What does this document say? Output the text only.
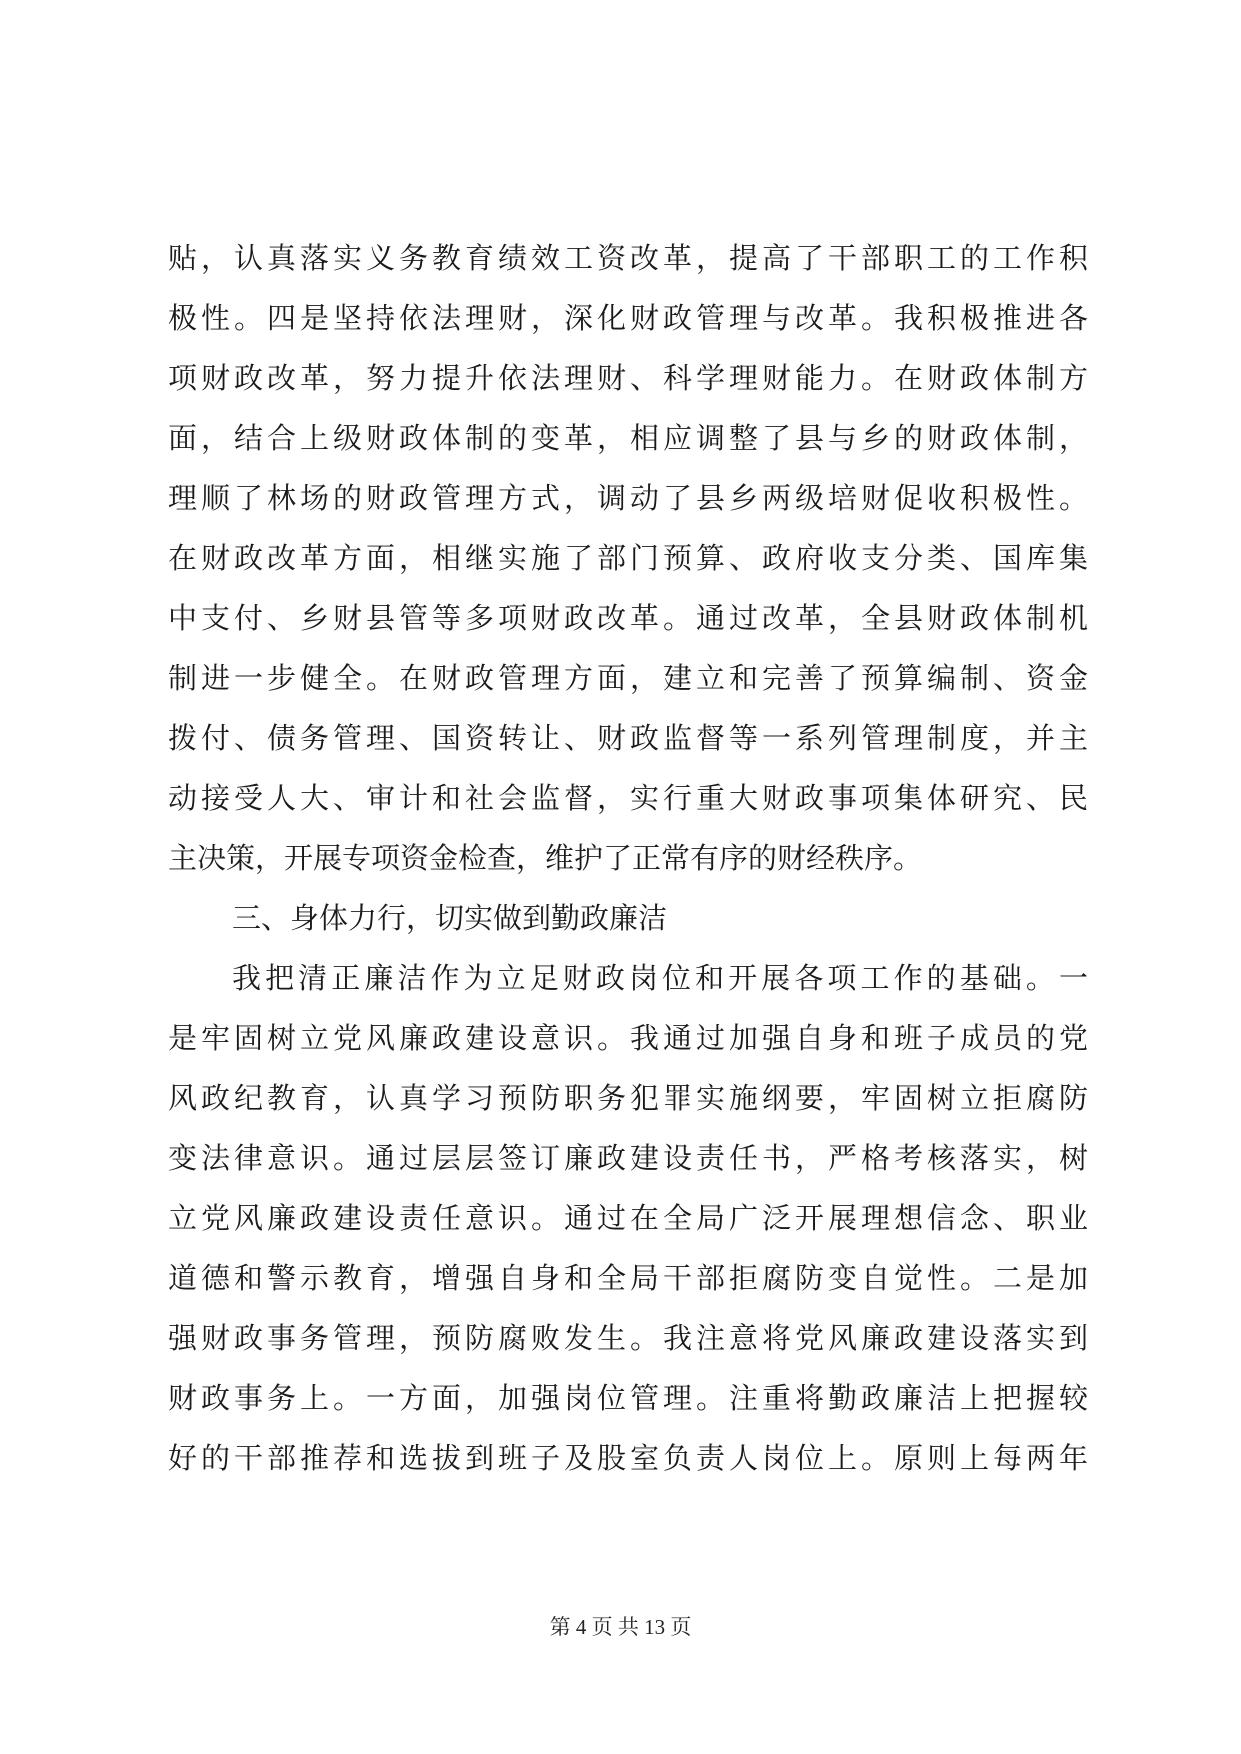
贴，认真落实义务教育绩效工资改革，提高了干部职工的工作积
极性。四是坚持依法理财，深化财政管理与改革。我积极推进各
项财政改革，努力提升依法理财、科学理财能力。在财政体制方
面，结合上级财政体制的变革，相应调整了县与乡的财政体制，
理顺了林场的财政管理方式，调动了县乡两级培财促收积极性。
在财政改革方面，相继实施了部门预算、政府收支分类、国库集
中支付、乡财县管等多项财政改革。通过改革，全县财政体制机
制进一步健全。在财政管理方面，建立和完善了预算编制、资金
拨付、债务管理、国资转让、财政监督等一系列管理制度，并主
动接受人大、审计和社会监督，实行重大财政事项集体研究、民
主决策，开展专项资金检查，维护了正常有序的财经秩序。
三、身体力行，切实做到勤政廉洁
我把清正廉洁作为立足财政岗位和开展各项工作的基础。一
是牢固树立党风廉政建设意识。我通过加强自身和班子成员的党
风政纪教育，认真学习预防职务犯罪实施纲要，牢固树立拒腐防
变法律意识。通过层层签订廉政建设责任书，严格考核落实，树
立党风廉政建设责任意识。通过在全局广泛开展理想信念、职业
道德和警示教育，增强自身和全局干部拒腐防变自觉性。二是加
强财政事务管理，预防腐败发生。我注意将党风廉政建设落实到
财政事务上。一方面，加强岗位管理。注重将勤政廉洁上把握较
好的干部推荐和选拔到班子及股室负责人岗位上。原则上每两年
第 4 页 共 13 页
